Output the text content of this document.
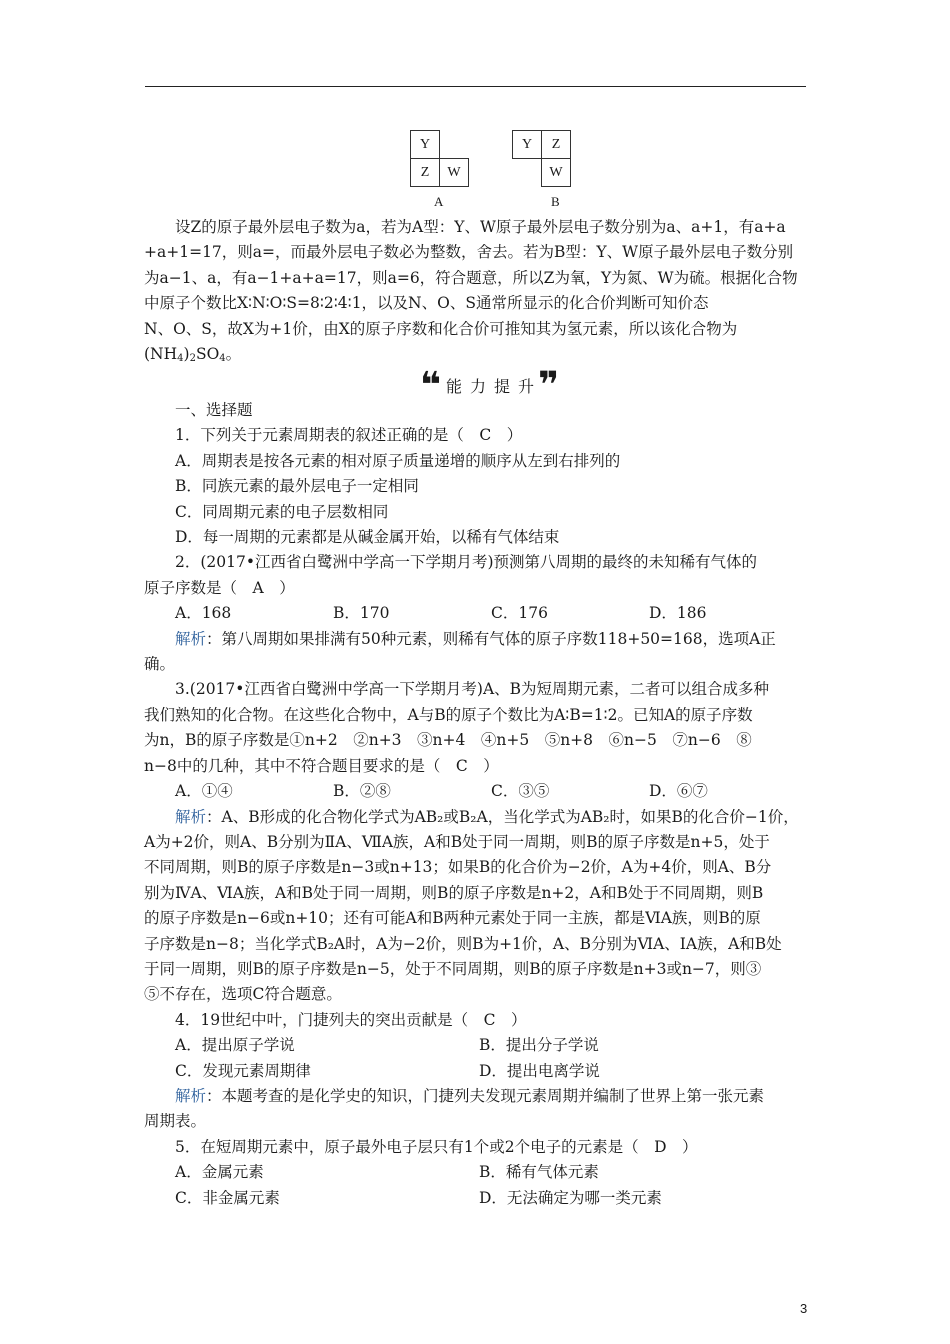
Y	
Z	W
A
Y	Z
	W
B

设Z的原子最外层电子数为a，若为A型：Y、W原子最外层电子数分别为a、a+1，有a+a

+a+1=17，则a=，而最外层电子数必为整数，舍去。若为B型：Y、W原子最外层电子数分别

为a−1、a，有a−1+a+a=17，则a=6，符合题意，所以Z为氧，Y为氮、W为硫。根据化合物

中原子个数比X∶N∶O∶S=8∶2∶4∶1，以及N、O、S通常所显示的化合价判断可知价态

N、O、S，故X为+1价，由X的原子序数和化合价可推知其为氢元素，所以该化合物为

$(NH_4)_2SO_4$。

❝ 能力提升
❞

一、选择题

1．下列关于元素周期表的叙述正确的是（　C　）

A．周期表是按各元素的相对原子质量递增的顺序从左到右排列的

B．同族元素的最外层电子一定相同

C．同周期元素的电子层数相同

D．每一周期的元素都是从碱金属开始，以稀有气体结束

2．(2017•江西省白鹭洲中学高一下学期月考)预测第八周期的最终的未知稀有气体的

原子序数是（　A　）

A．168	B．170	C．176	D．186

解析：第八周期如果排满有50种元素，则稀有气体的原子序数118+50=168，选项A正

确。

3.(2017•江西省白鹭洲中学高一下学期月考)A、B为短周期元素，二者可以组合成多种

我们熟知的化合物。在这些化合物中，A与B的原子个数比为A∶B=1∶2。已知A的原子序数

为n，B的原子序数是①n+2　②n+3　③n+4　④n+5　⑤n+8　⑥n−5　⑦n−6　⑧

n−8中的几种，其中不符合题目要求的是（　C　）

A．①④	B．②⑧	C．③⑤	D．⑥⑦

解析：A、B形成的化合物化学式为AB₂或B₂A，当化学式为AB₂时，如果B的化合价−1价，

A为+2价，则A、B分别为ⅡA、ⅦA族，A和B处于同一周期，则B的原子序数是n+5，处于

不同周期，则B的原子序数是n−3或n+13；如果B的化合价为−2价，A为+4价，则A、B分

别为ⅣA、ⅥA族，A和B处于同一周期，则B的原子序数是n+2，A和B处于不同周期，则B

的原子序数是n−6或n+10；还有可能A和B两种元素处于同一主族，都是ⅥA族，则B的原

子序数是n−8；当化学式B₂A时，A为−2价，则B为+1价，A、B分别为ⅥA、ⅠA族，A和B处

于同一周期，则B的原子序数是n−5，处于不同周期，则B的原子序数是n+3或n−7，则③

⑤不存在，选项C符合题意。

4．19世纪中叶，门捷列夫的突出贡献是（　C　）

A．提出原子学说	B．提出分子学说
C．发现元素周期律	D．提出电离学说

解析：本题考查的是化学史的知识，门捷列夫发现元素周期并编制了世界上第一张元素

周期表。

5．在短周期元素中，原子最外电子层只有1个或2个电子的元素是（　D　）

A．金属元素	B．稀有气体元素
C．非金属元素	D．无法确定为哪一类元素
3
